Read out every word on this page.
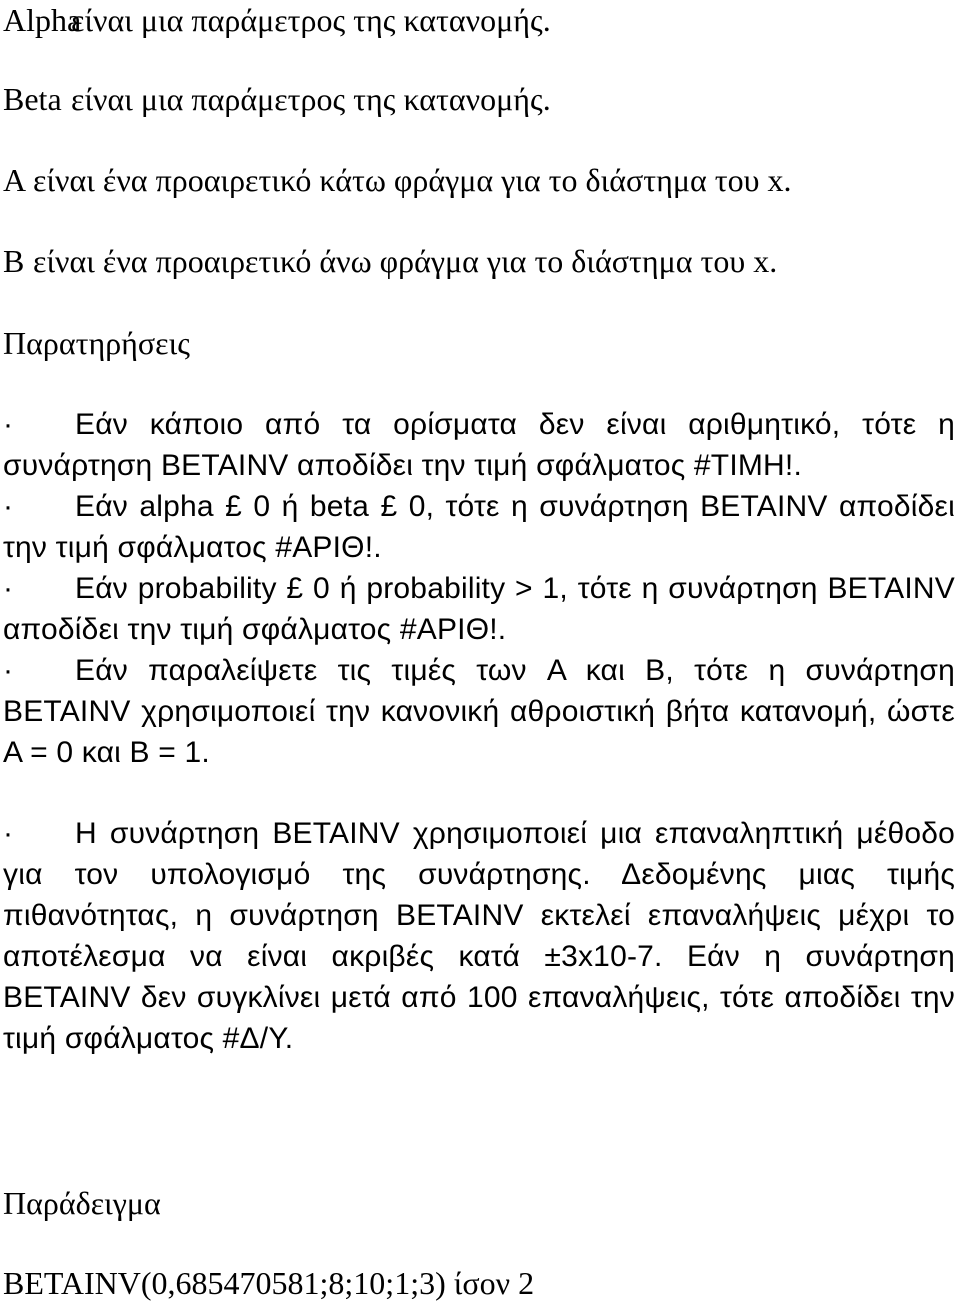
Alphaείναι μια παράμετρος της κατανομής.
Beta είναι μια παράμετρος της κατανομής.
A είναι ένα προαιρετικό κάτω φράγμα για το διάστημα του x.
B είναι ένα προαιρετικό άνω φράγμα για το διάστημα του x.
Παρατηρήσεις
· Εάν κάποιο από τα ορίσματα δεν είναι αριθμητικό, τότε η συνάρτηση BETAINV αποδίδει την τιμή σφάλματος #ΤΙΜΗ!.
· Εάν alpha £ 0 ή beta £ 0, τότε η συνάρτηση BETAINV αποδίδει την τιμή σφάλματος #ΑΡΙΘ!.
· Εάν probability £ 0 ή probability > 1, τότε η συνάρτηση BETAINV αποδίδει την τιμή σφάλματος #ΑΡΙΘ!.
· Εάν παραλείψετε τις τιμές των A και B, τότε η συνάρτηση BETAINV χρησιμοποιεί την κανονική αθροιστική βήτα κατανομή, ώστε A = 0 και B = 1.
· Η συνάρτηση BETAINV χρησιμοποιεί μια επαναληπτική μέθοδο για τον υπολογισμό της συνάρτησης. Δεδομένης μιας τιμής πιθανότητας, η συνάρτηση BETAINV εκτελεί επαναλήψεις μέχρι το αποτέλεσμα να είναι ακριβές κατά ±3x10-7. Εάν η συνάρτηση BETAINV δεν συγκλίνει μετά από 100 επαναλήψεις, τότε αποδίδει την τιμή σφάλματος #Δ/Υ.
Παράδειγμα
BETAINV(0,685470581;8;10;1;3) ίσον 2
